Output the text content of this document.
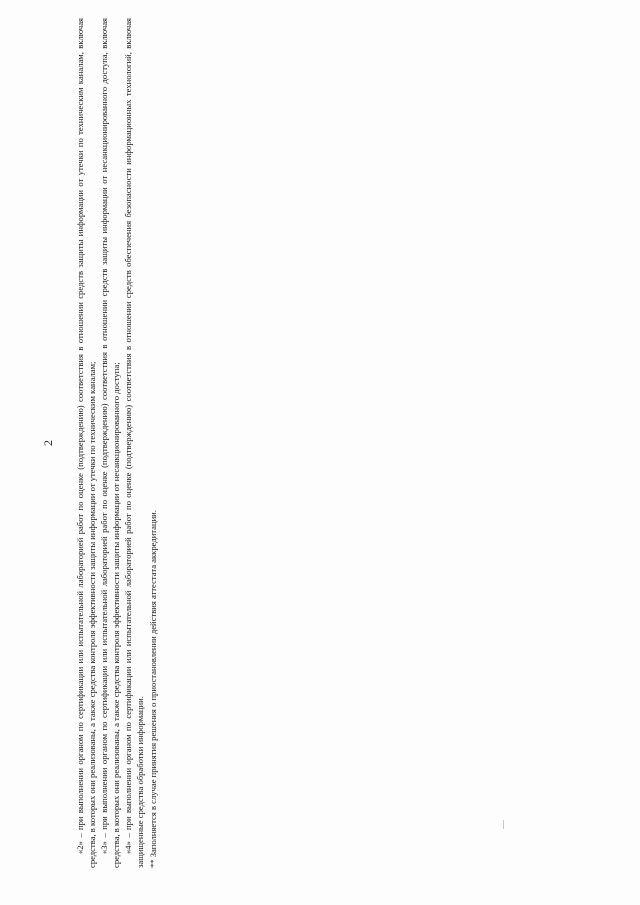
2 «2» – при выполнении органом по сертификации или испытательной лабораторией работ по оценке (подтверждению) соответствия в отношении средств защиты информации от утечки по техническим каналам, включая средства, в которых они реализованы, а также средства контроля эффективности защиты информации от утечки по техническим каналам; «3» – при выполнении органом по сертификации или испытательной лабораторией работ по оценке (подтверждению) соответствия в отношении средств защиты информации от несанкционированного доступа, включая средства, в которых они реализованы, а также средства контроля эффективности защиты информации от несанкционированного доступа; «4» – при выполнении органом по сертификации или испытательной лабораторией работ по оценке (подтверждению) соответствия в отношении средств обеспечения безопасности информационных технологий, включая защищенные средства обработки информации. ** Заполняется в случае принятия решения о приостановлении действия аттестата аккредитации.
